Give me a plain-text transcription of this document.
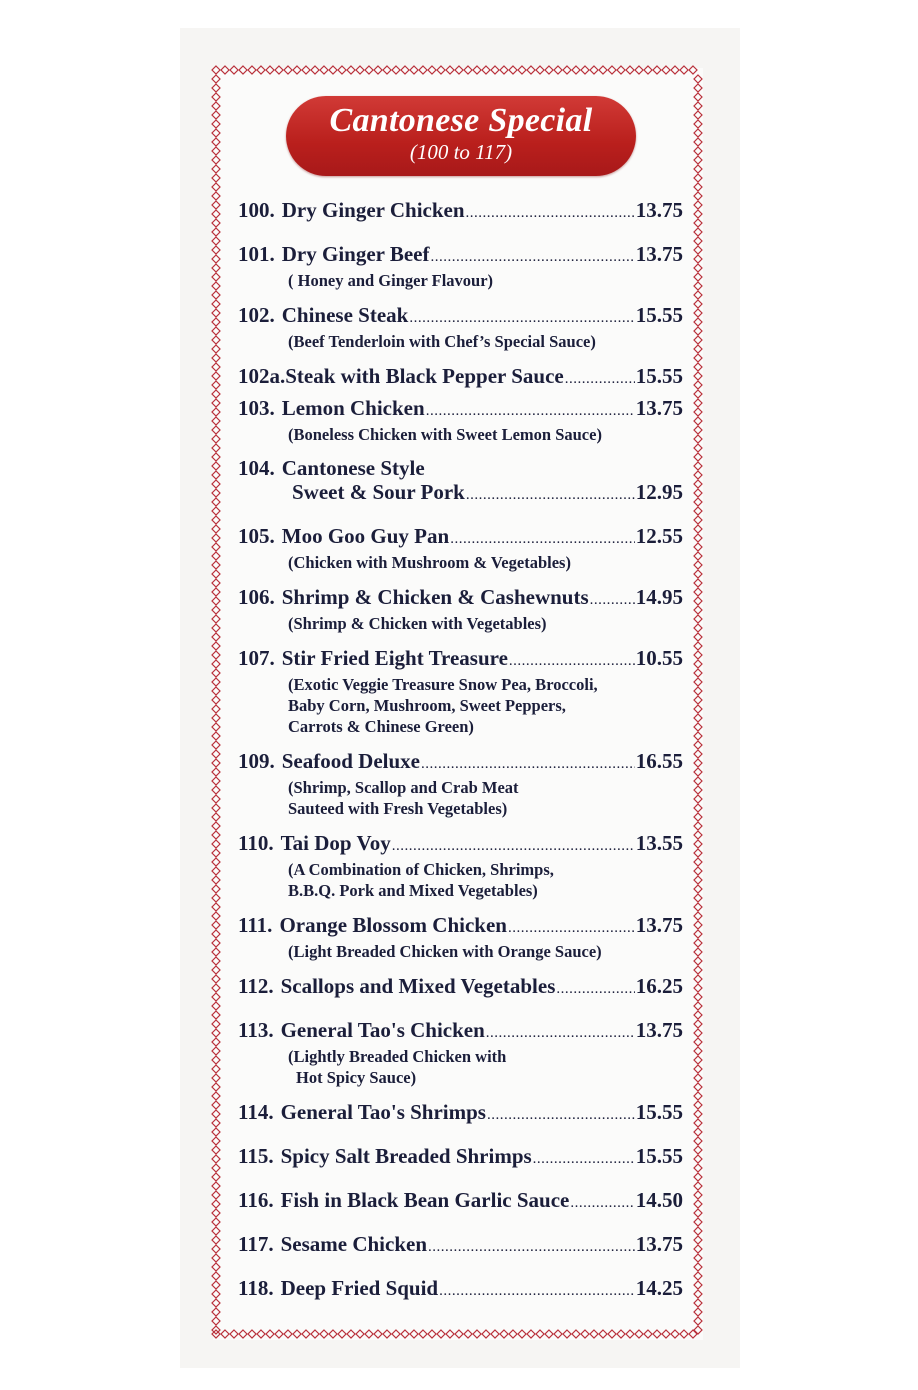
Cantonese Special
(100 to 117)
100. Dry Ginger Chicken .....	13.75
101. Dry Ginger Beef .....	13.75
( Honey and Ginger Flavour)
102. Chinese Steak .....	15.55
(Beef Tenderloin with Chef’s Special Sauce)
102a. Steak with Black Pepper Sauce .....	15.55
103. Lemon Chicken .....	13.75
(Boneless Chicken with Sweet Lemon Sauce)
104. Cantonese Style
Sweet & Sour Pork .....	12.95
105. Moo Goo Guy Pan .....	12.55
(Chicken with Mushroom & Vegetables)
106. Shrimp & Chicken & Cashewnuts ..... 14.95
(Shrimp & Chicken with Vegetables)
107. Stir Fried Eight Treasure .....	10.55
(Exotic Veggie Treasure Snow Pea, Broccoli,
Baby Corn, Mushroom, Sweet Peppers,
Carrots & Chinese Green)
109. Seafood Deluxe .....	16.55
(Shrimp, Scallop and Crab Meat
Sauteed with Fresh Vegetables)
110. Tai Dop Voy .....	13.55
(A Combination of Chicken, Shrimps,
B.B.Q. Pork and Mixed Vegetables)
111. Orange Blossom Chicken .....	13.75
(Light Breaded Chicken with Orange Sauce)
112. Scallops and Mixed Vegetables .....	16.25
113. General Tao's Chicken .....	13.75
(Lightly Breaded Chicken with
Hot Spicy Sauce)
114. General Tao's Shrimps .....	15.55
115. Spicy Salt Breaded Shrimps .....	15.55
116. Fish in Black Bean Garlic Sauce .....	14.50
117. Sesame Chicken .....	13.75
118. Deep Fried Squid .....	14.25
